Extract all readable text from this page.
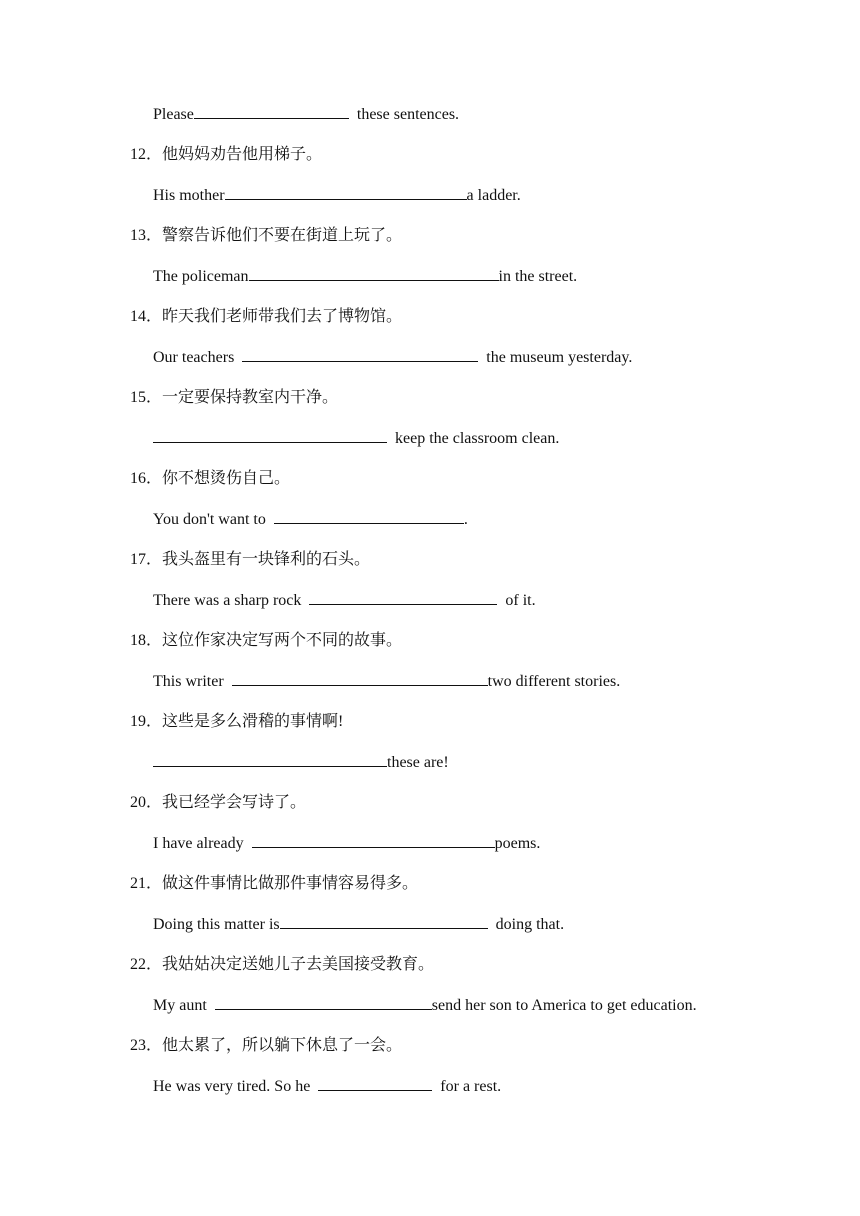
Please	these sentences.
12．他妈妈劝告他用梯子。
His mother	a ladder.
13．警察告诉他们不要在街道上玩了。
The policeman	in the street.
14．昨天我们老师带我们去了博物馆。
Our teachers	the museum yesterday.
15．一定要保持教室内干净。
keep the classroom clean.
16．你不想烫伤自己。
You don't want to	.
17．我头盔里有一块锋利的石头。
There was a sharp rock	of it.
18．这位作家决定写两个不同的故事。
This writer	two different stories.
19．这些是多么滑稽的事情啊!
these are!
20．我已经学会写诗了。
I have already	poems.
21．做这件事情比做那件事情容易得多。
Doing this matter is	doing that.
22．我姑姑决定送她儿子去美国接受教育。
My aunt	send her son to America to get education.
23．他太累了，所以躺下休息了一会。
He was very tired. So he	for a rest.
